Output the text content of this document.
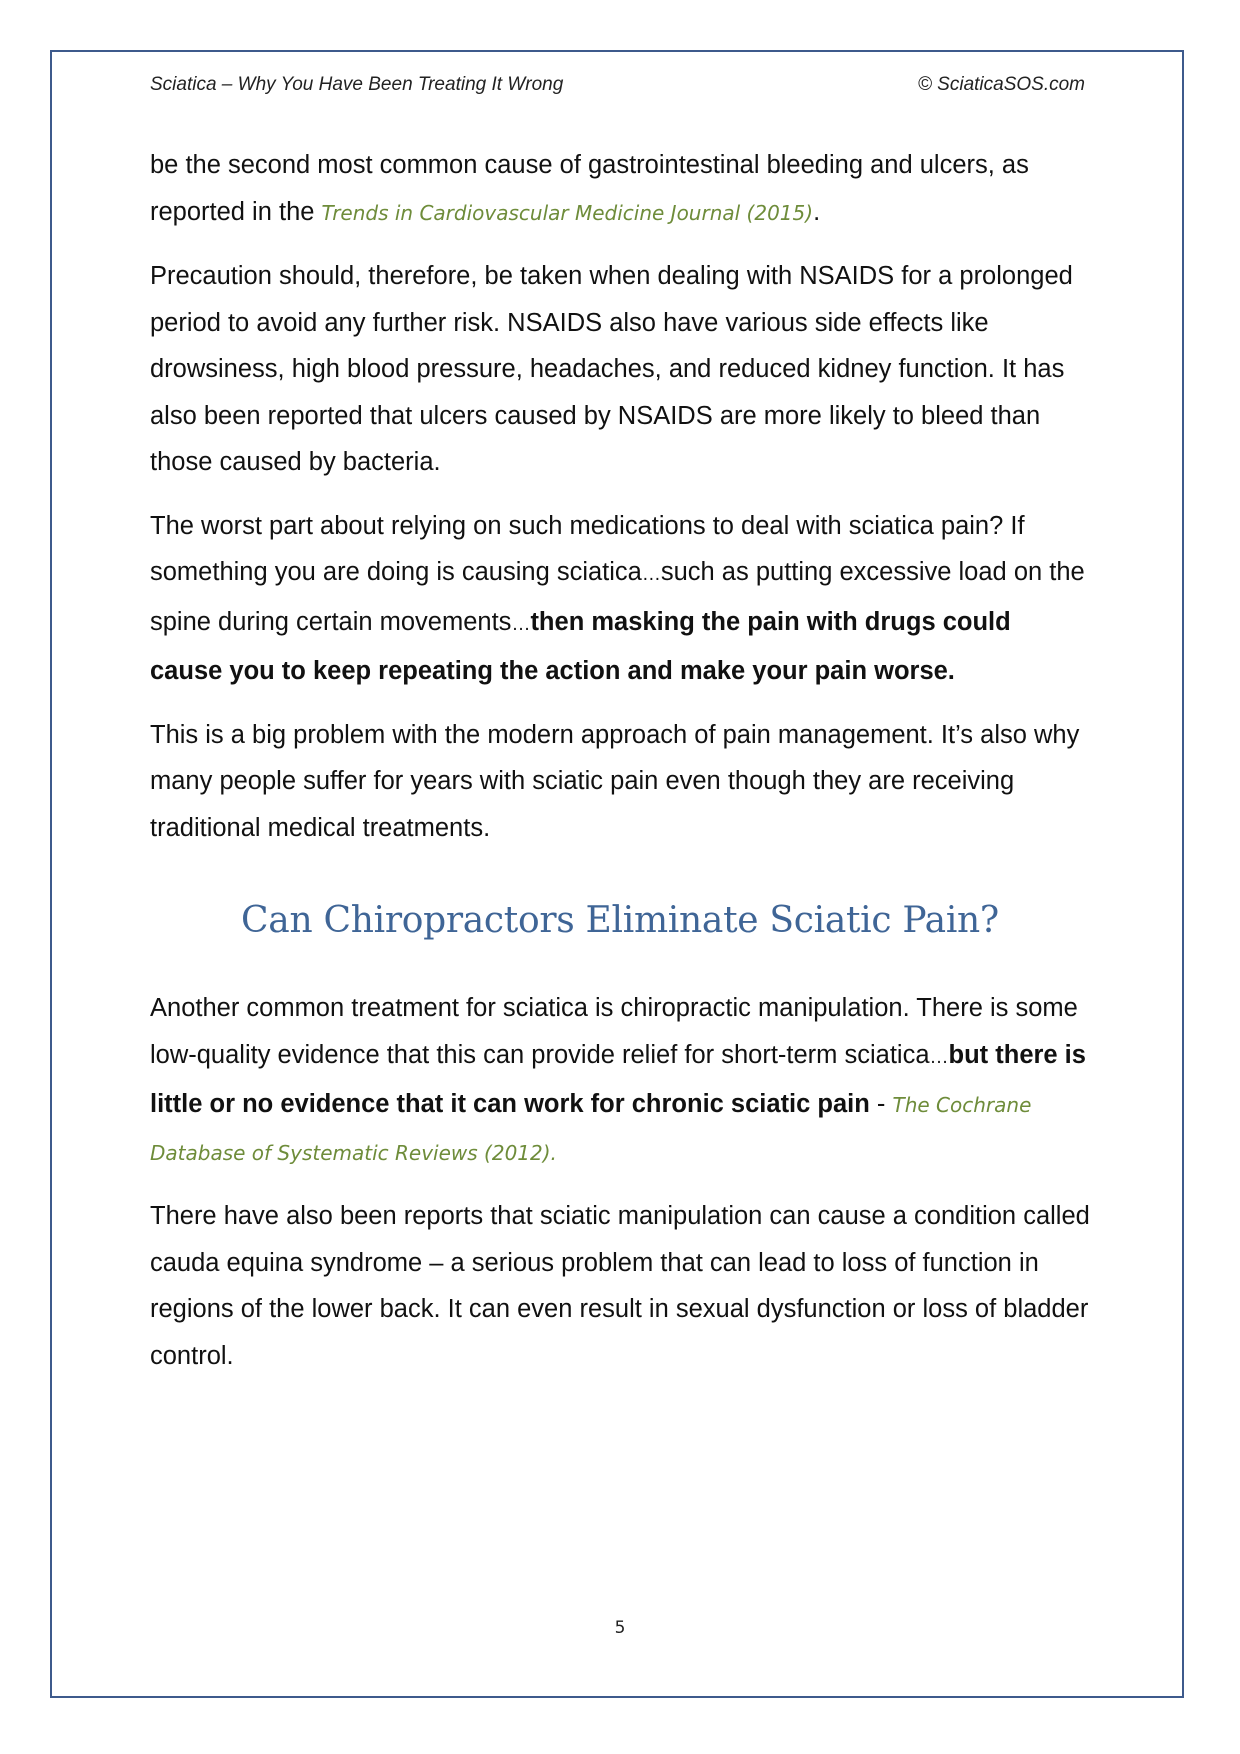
Sciatica – Why You Have Been Treating It Wrong	© SciaticaSOS.com

be the second most common cause of gastrointestinal bleeding and ulcers, as reported in the Trends in Cardiovascular Medicine Journal (2015).

Precaution should, therefore, be taken when dealing with NSAIDS for a prolonged period to avoid any further risk. NSAIDS also have various side effects like drowsiness, high blood pressure, headaches, and reduced kidney function. It has also been reported that ulcers caused by NSAIDS are more likely to bleed than those caused by bacteria.

The worst part about relying on such medications to deal with sciatica pain? If something you are doing is causing sciatica…such as putting excessive load on the spine during certain movements…then masking the pain with drugs could cause you to keep repeating the action and make your pain worse.

This is a big problem with the modern approach of pain management. It’s also why many people suffer for years with sciatic pain even though they are receiving traditional medical treatments.

Can Chiropractors Eliminate Sciatic Pain?

Another common treatment for sciatica is chiropractic manipulation. There is some low-quality evidence that this can provide relief for short-term sciatica…but there is little or no evidence that it can work for chronic sciatic pain - The Cochrane Database of Systematic Reviews (2012).

There have also been reports that sciatic manipulation can cause a condition called cauda equina syndrome – a serious problem that can lead to loss of function in regions of the lower back. It can even result in sexual dysfunction or loss of bladder control.

5
